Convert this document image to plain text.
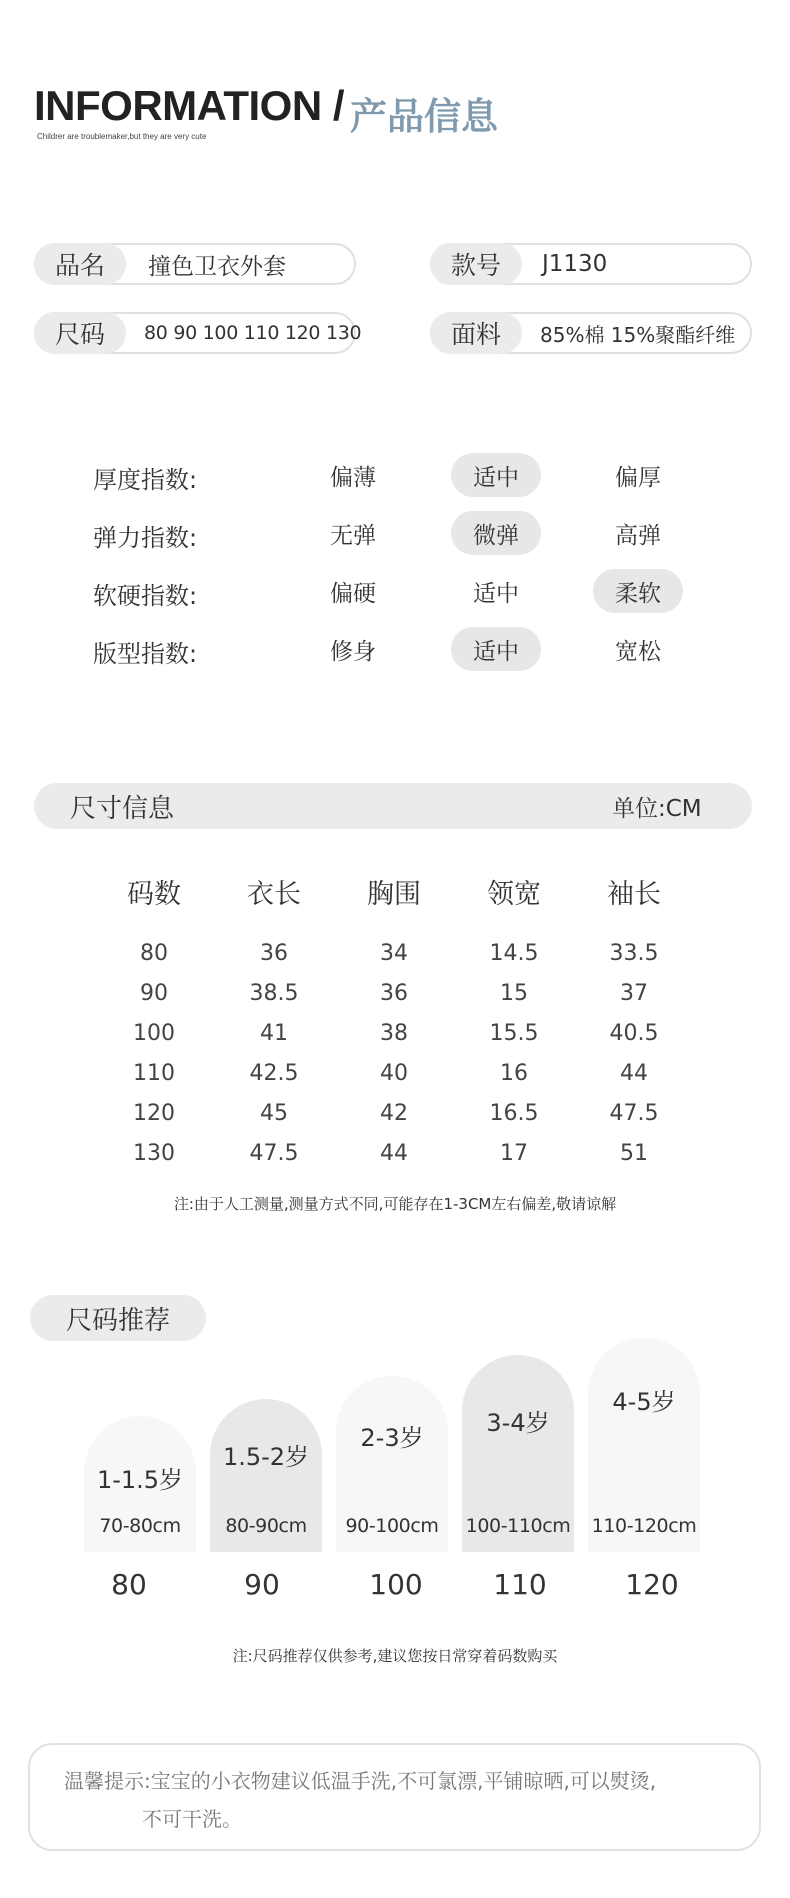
INFORMATION / 产品信息
Childrer are troublemaker,but they are very cute
品名	撞色卫衣外套	款号	J1130
尺码	80 90 100 110 120 130	面料	85%棉 15%聚酯纤维
厚度指数:	偏薄	适中	偏厚
弹力指数:	无弹	微弹	高弹
软硬指数:	偏硬	适中	柔软
版型指数:	修身	适中	宽松
尺寸信息	单位:CM
码数	衣长	胸围	领宽	袖长
80	36	34	14.5	33.5
90	38.5	36	15	37
100	41	38	15.5	40.5
110	42.5	40	16	44
120	45	42	16.5	47.5
130	47.5	44	17	51
注:由于人工测量,测量方式不同,可能存在1-3CM左右偏差,敬请谅解
尺码推荐
1-1.5岁
1.5-2岁
2-3岁
3-4岁
4-5岁
70-80cm	80-90cm	90-100cm	100-110cm 110-120cm
80	90	100	110	120
注:尺码推荐仅供参考,建议您按日常穿着码数购买
温馨提示:宝宝的小衣物建议低温手洗,不可氯漂,平铺晾晒,可以熨烫,
不可干洗。
